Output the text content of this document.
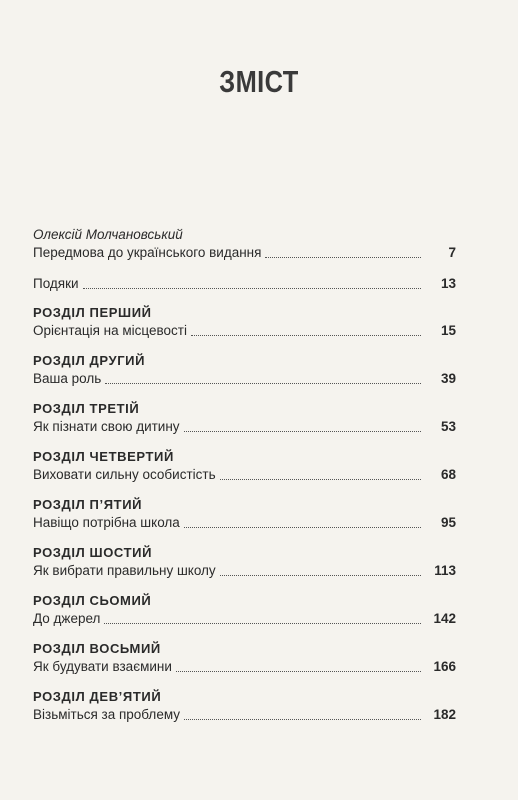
ЗМІСТ
Олексій Молчановський
Передмова до українського видання	7
Подяки	13
РОЗДІЛ ПЕРШИЙ
Орієнтація на місцевості	15
РОЗДІЛ ДРУГИЙ
Ваша роль	39
РОЗДІЛ ТРЕТІЙ
Як пізнати свою дитину	53
РОЗДІЛ ЧЕТВЕРТИЙ
Виховати сильну особистість	68
РОЗДІЛ П’ЯТИЙ
Навіщо потрібна школа	95
РОЗДІЛ ШОСТИЙ
Як вибрати правильну школу	113
РОЗДІЛ СЬОМИЙ
До джерел	142
РОЗДІЛ ВОСЬМИЙ
Як будувати взаємини	166
РОЗДІЛ ДЕВ’ЯТИЙ
Візьміться за проблему	182
